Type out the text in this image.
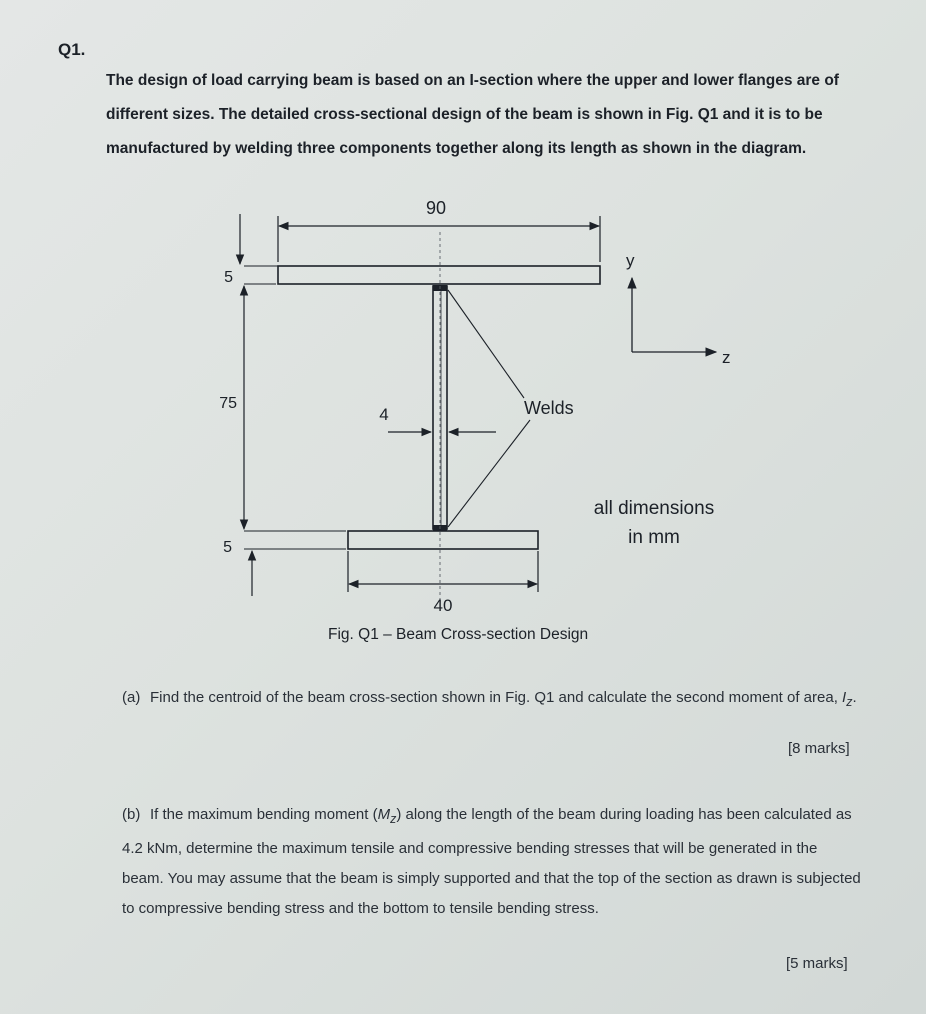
Q1.

The design of load carrying beam is based on an I-section where the upper and lower flanges are of different sizes. The detailed cross-sectional design of the beam is shown in Fig. Q1 and it is to be manufactured by welding three components together along its length as shown in the diagram.

90
5
75
5
4
40
Welds
y
z
all dimensions
in mm
Fig. Q1 – Beam Cross-section Design

(a) Find the centroid of the beam cross-section shown in Fig. Q1 and calculate the second moment of area, $I_z$.

[8 marks]

(b) If the maximum bending moment $(M_z)$ along the length of the beam during loading has been calculated as 4.2 kNm, determine the maximum tensile and compressive bending stresses that will be generated in the beam. You may assume that the beam is simply supported and that the top of the section as drawn is subjected to compressive bending stress and the bottom to tensile bending stress.

[5 marks]
